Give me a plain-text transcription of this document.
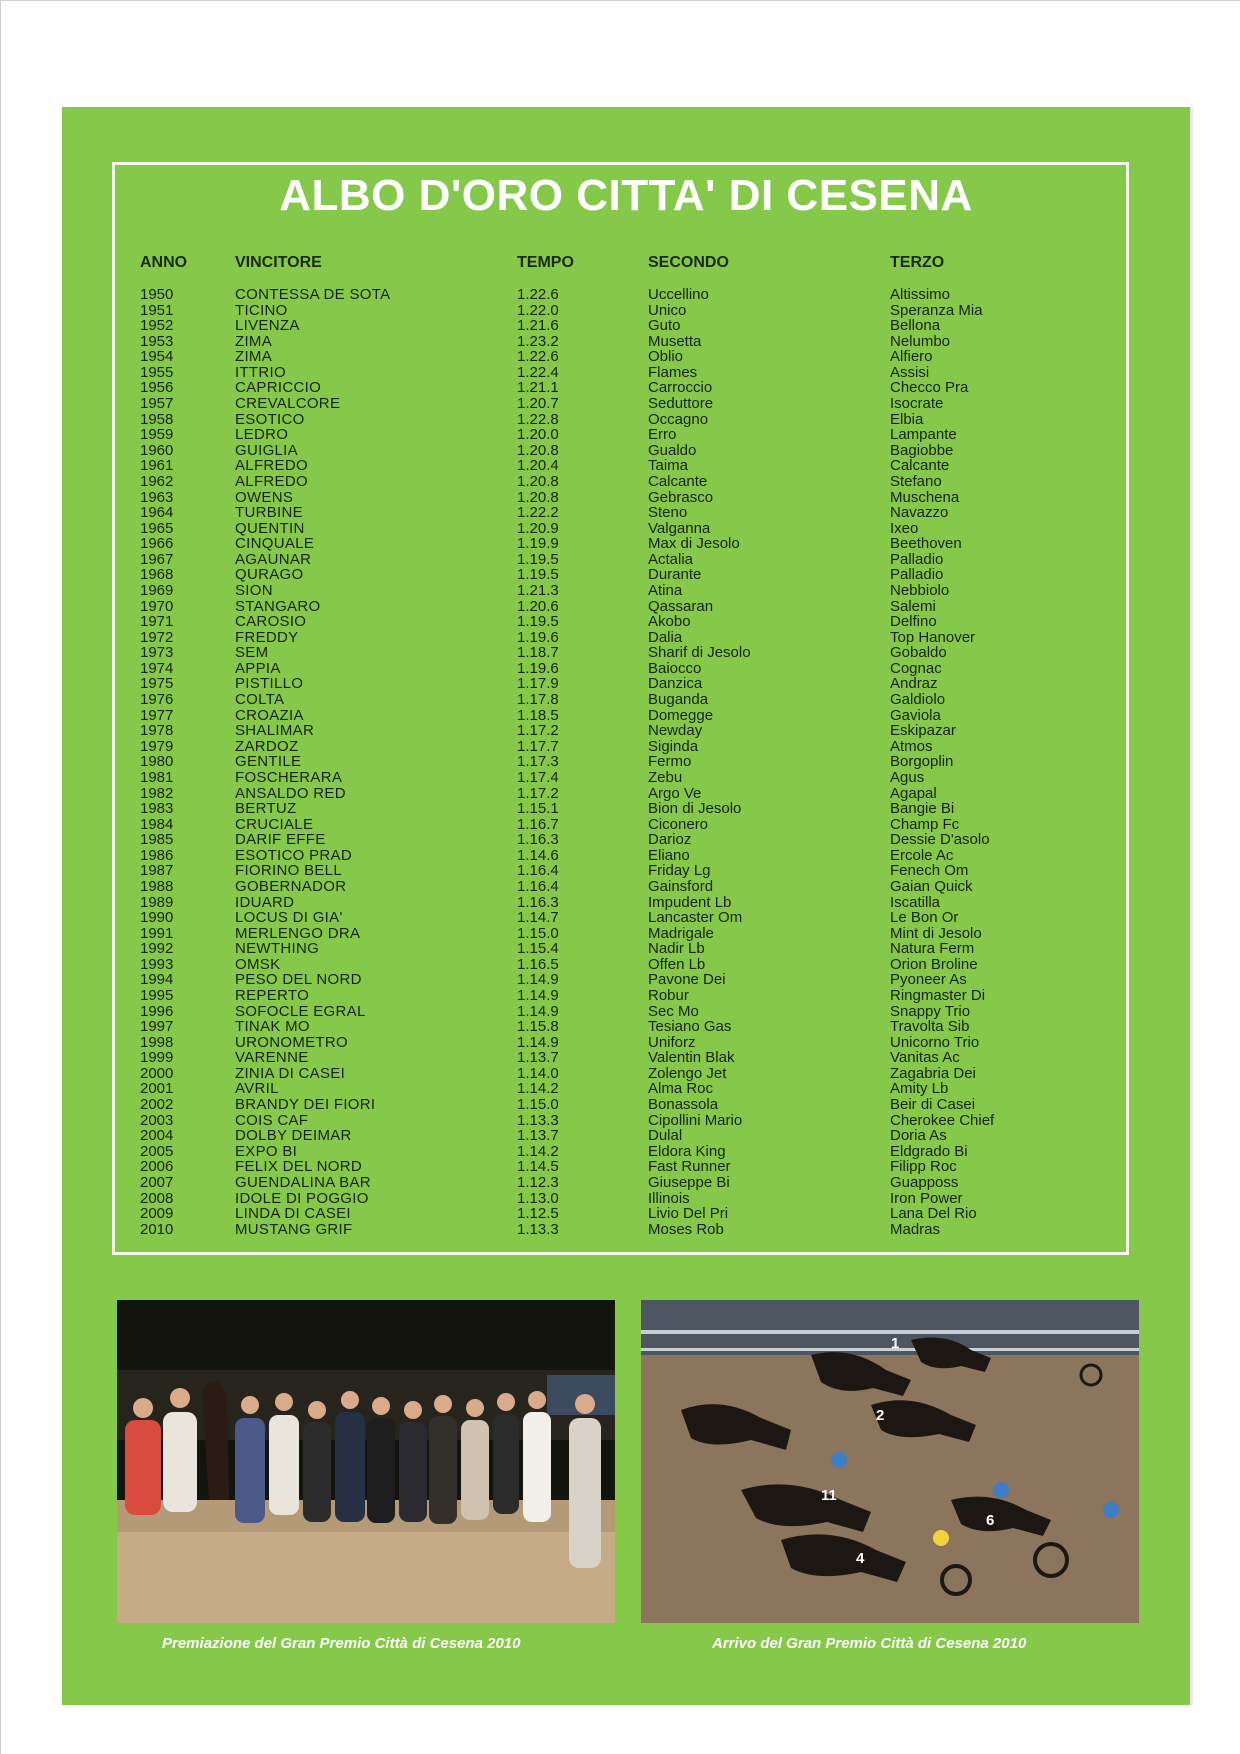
ALBO D'ORO CITTA' DI CESENA
ANNO	VINCITORE	TEMPO	SECONDO	TERZO
1950	CONTESSA DE SOTA	1.22.6	Uccellino	Altissimo
1951	TICINO	1.22.0	Unico	Speranza Mia
1952	LIVENZA	1.21.6	Guto	Bellona
1953	ZIMA	1.23.2	Musetta	Nelumbo
1954	ZIMA	1.22.6	Oblio	Alfiero
1955	ITTRIO	1.22.4	Flames	Assisi
1956	CAPRICCIO	1.21.1	Carroccio	Checco Pra
1957	CREVALCORE	1.20.7	Seduttore	Isocrate
1958	ESOTICO	1.22.8	Occagno	Elbia
1959	LEDRO	1.20.0	Erro	Lampante
1960	GUIGLIA	1.20.8	Gualdo	Bagiobbe
1961	ALFREDO	1.20.4	Taima	Calcante
1962	ALFREDO	1.20.8	Calcante	Stefano
1963	OWENS	1.20.8	Gebrasco	Muschena
1964	TURBINE	1.22.2	Steno	Navazzo
1965	QUENTIN	1.20.9	Valganna	Ixeo
1966	CINQUALE	1.19.9	Max di Jesolo	Beethoven
1967	AGAUNAR	1.19.5	Actalia	Palladio
1968	QURAGO	1.19.5	Durante	Palladio
1969	SION	1.21.3	Atina	Nebbiolo
1970	STANGARO	1.20.6	Qassaran	Salemi
1971	CAROSIO	1.19.5	Akobo	Delfino
1972	FREDDY	1.19.6	Dalia	Top Hanover
1973	SEM	1.18.7	Sharif di Jesolo	Gobaldo
1974	APPIA	1.19.6	Baiocco	Cognac
1975	PISTILLO	1.17.9	Danzica	Andraz
1976	COLTA	1.17.8	Buganda	Galdiolo
1977	CROAZIA	1.18.5	Domegge	Gaviola
1978	SHALIMAR	1.17.2	Newday	Eskipazar
1979	ZARDOZ	1.17.7	Siginda	Atmos
1980	GENTILE	1.17.3	Fermo	Borgoplin
1981	FOSCHERARA	1.17.4	Zebu	Agus
1982	ANSALDO RED	1.17.2	Argo Ve	Agapal
1983	BERTUZ	1.15.1	Bion di Jesolo	Bangie Bi
1984	CRUCIALE	1.16.7	Ciconero	Champ Fc
1985	DARIF EFFE	1.16.3	Darioz	Dessie D'asolo
1986	ESOTICO PRAD	1.14.6	Eliano	Ercole Ac
1987	FIORINO BELL	1.16.4	Friday Lg	Fenech Om
1988	GOBERNADOR	1.16.4	Gainsford	Gaian Quick
1989	IDUARD	1.16.3	Impudent Lb	Iscatilla
1990	LOCUS DI GIA'	1.14.7	Lancaster Om	Le Bon Or
1991	MERLENGO DRA	1.15.0	Madrigale	Mint di Jesolo
1992	NEWTHING	1.15.4	Nadir Lb	Natura Ferm
1993	OMSK	1.16.5	Offen Lb	Orion Broline
1994	PESO DEL NORD	1.14.9	Pavone Dei	Pyoneer As
1995	REPERTO	1.14.9	Robur	Ringmaster Di
1996	SOFOCLE EGRAL	1.14.9	Sec Mo	Snappy Trio
1997	TINAK MO	1.15.8	Tesiano Gas	Travolta Sib
1998	URONOMETRO	1.14.9	Uniforz	Unicorno Trio
1999	VARENNE	1.13.7	Valentin Blak	Vanitas Ac
2000	ZINIA DI CASEI	1.14.0	Zolengo Jet	Zagabria Dei
2001	AVRIL	1.14.2	Alma Roc	Amity Lb
2002	BRANDY DEI FIORI	1.15.0	Bonassola	Beir di Casei
2003	COIS CAF	1.13.3	Cipollini Mario	Cherokee Chief
2004	DOLBY DEIMAR	1.13.7	Dulal	Doria As
2005	EXPO BI	1.14.2	Eldora King	Eldgrado Bi
2006	FELIX DEL NORD	1.14.5	Fast Runner	Filipp Roc
2007	GUENDALINA BAR	1.12.3	Giuseppe Bi	Guapposs
2008	IDOLE DI POGGIO	1.13.0	Illinois	Iron Power
2009	LINDA DI CASEI	1.12.5	Livio Del Pri	Lana Del Rio
2010	MUSTANG GRIF	1.13.3	Moses Rob	Madras
1
2
11
6
4
Premiazione del Gran Premio Città di Cesena 2010	Arrivo del Gran Premio Città di Cesena 2010
